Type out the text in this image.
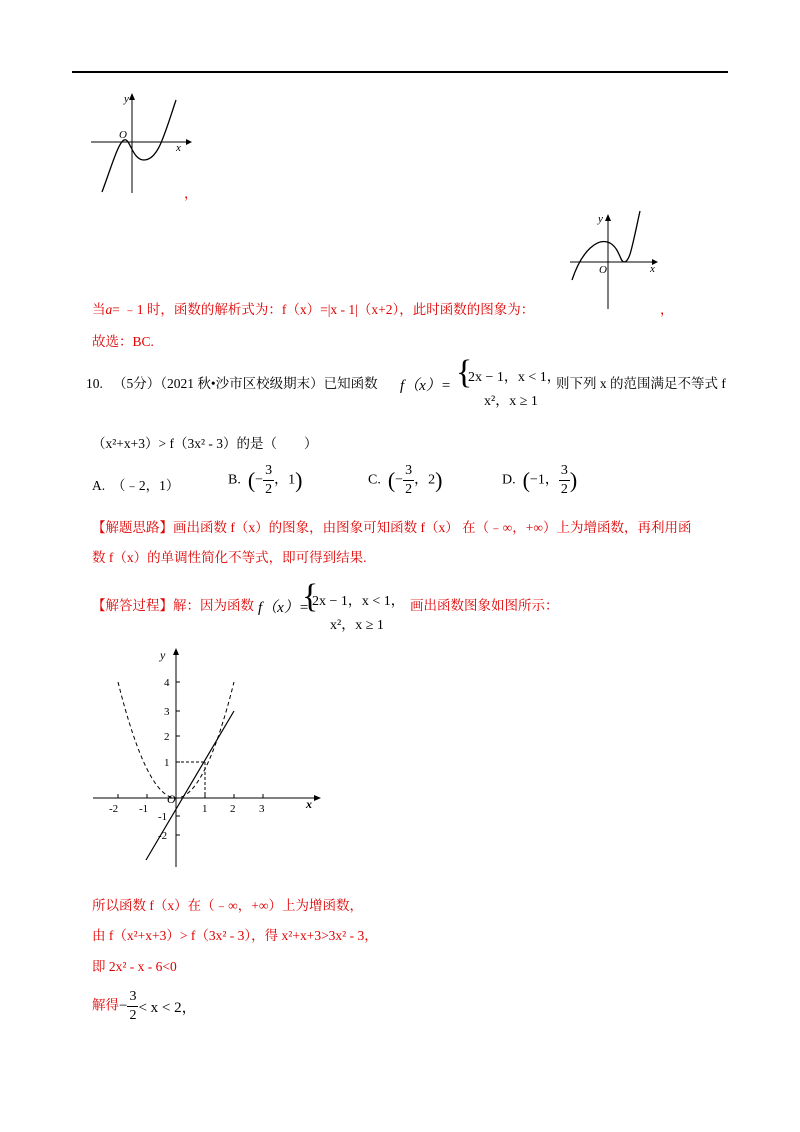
y
x
O
，
y
x
O
当a= ﹣1 时，函数的解析式为：f（x）=|x - 1|（x+2），此时函数的图象为：	，
故选：BC.
10. （5分）（2021 秋•沙市区校级期末）已知函数 f（x）= {
2x − 1，x < 1，
x²，x ≥ 1
则下列 x 的范围满足不等式 f
（x²+x+3）> f（3x² - 3）的是（　　）
A. （﹣2，1）	B. (− $\frac{3}{2}$ ，1)	C. (− $\frac{3}{2}$ ，2)	D. (−1， $\frac{3}{2}$ )
【解题思路】画出函数 f（x）的图象，由图象可知函数 f（x） 在（﹣∞，+∞）上为增函数，再利用函
数 f（x）的单调性简化不等式，即可得到结果.
【解答过程】解：因为函数 f（x）=
{
2x − 1，x < 1，
x²，x ≥ 1
画出函数图象如图所示：
y
x
O
4
3
2
1
-1
-2
-2 -1	1 2 3
所以函数 f（x）在（﹣∞，+∞）上为增函数，
由 f（x²+x+3）> f（3x² - 3），得 x²+x+3>3x² - 3，
即 2x² - x - 6<0
解得− $\frac{3}{2} < x < 2$，
